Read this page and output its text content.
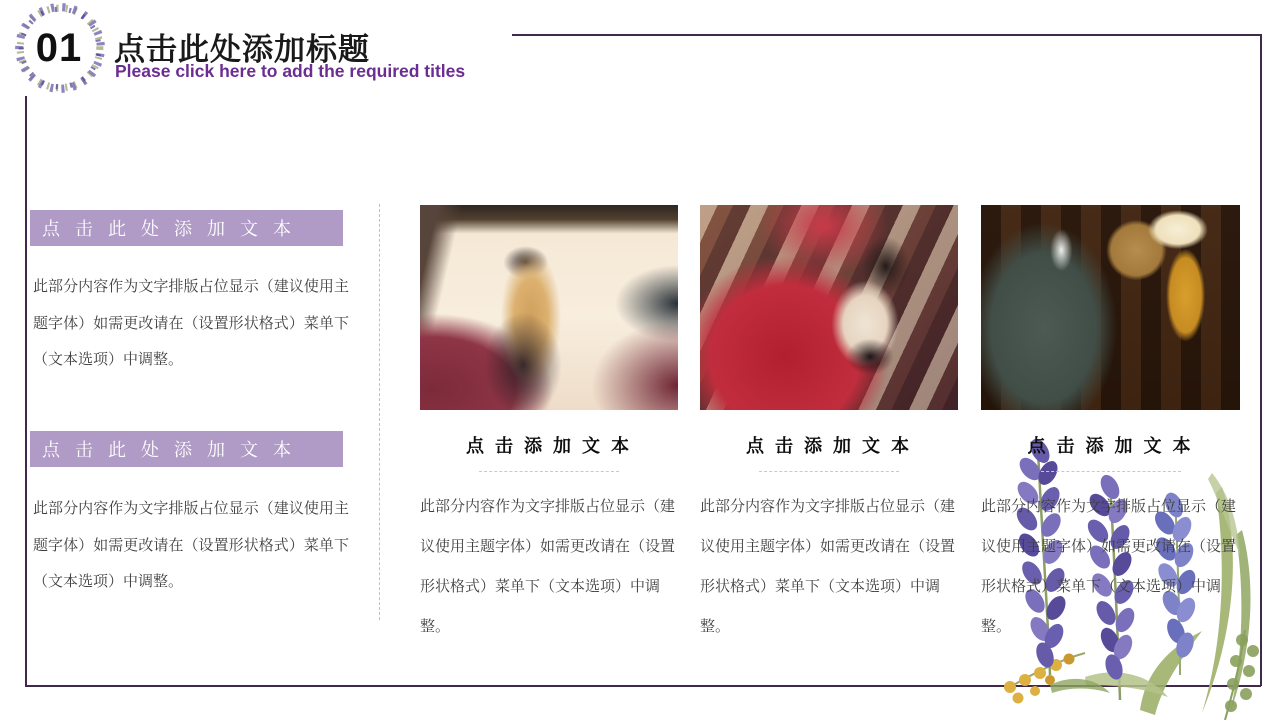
01	点击此处添加标题
Please click here to add the required titles
点 击 此 处 添 加 文 本
此部分内容作为文字排版占位显示（建议使用主题字体）如需更改请在（设置形状格式）菜单下（文本选项）中调整。
点 击 此 处 添 加 文 本
此部分内容作为文字排版占位显示（建议使用主题字体）如需更改请在（设置形状格式）菜单下（文本选项）中调整。
点 击 添 加 文 本
此部分内容作为文字排版占位显示（建议使用主题字体）如需更改请在（设置形状格式）菜单下（文本选项）中调整。
点 击 添 加 文 本
此部分内容作为文字排版占位显示（建议使用主题字体）如需更改请在（设置形状格式）菜单下（文本选项）中调整。
点 击 添 加 文 本
此部分内容作为文字排版占位显示（建议使用主题字体）如需更改请在（设置形状格式）菜单下（文本选项）中调整。
